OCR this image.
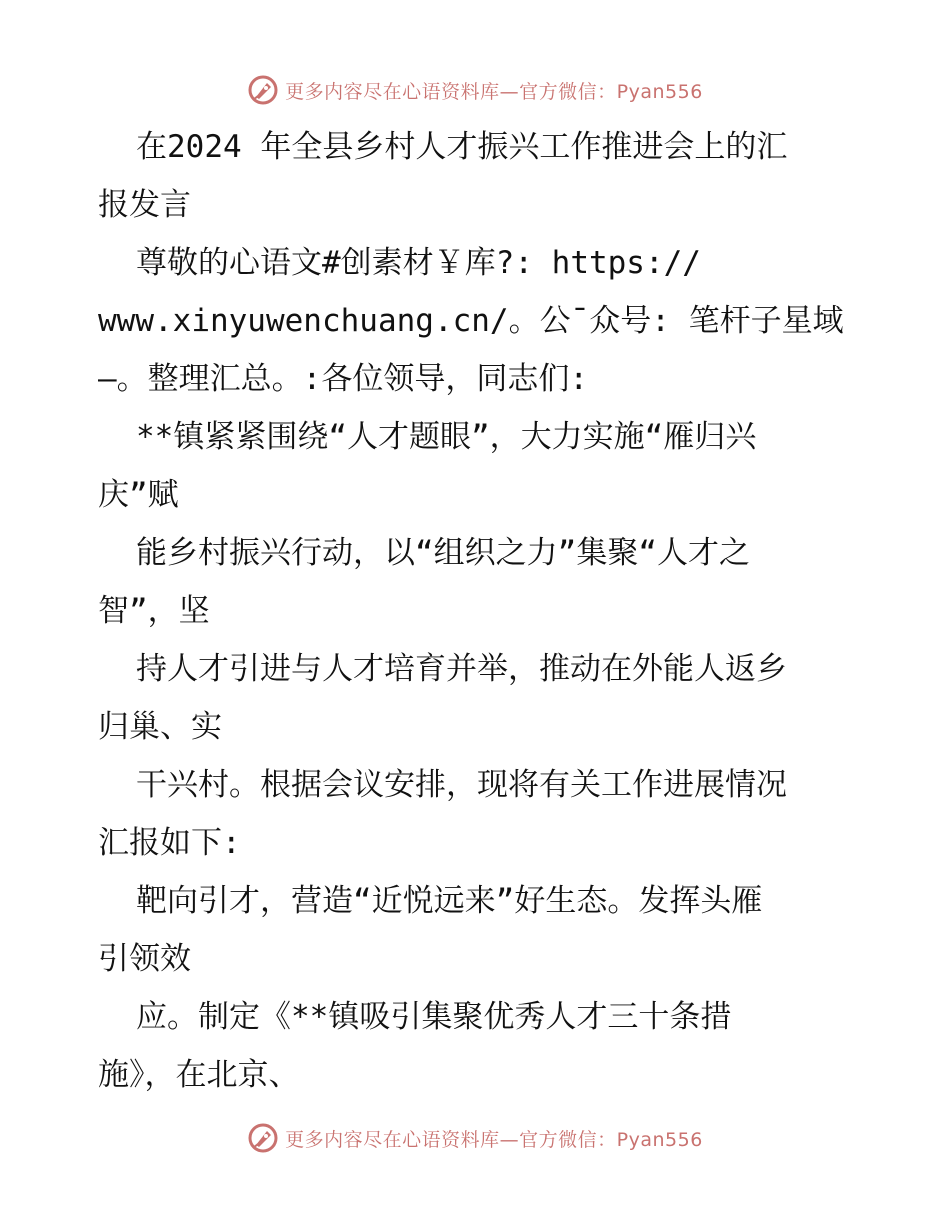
更多内容尽在心语资料库—官方微信：Pyan556
在2024 年全县乡村人才振兴工作推进会上的汇
报发言
尊敬的心语文#创素材￥库?: https://
www.xinyuwenchuang.cn/。公¯众号: 笔杆子星域
—。整理汇总。:各位领导，同志们:
**镇紧紧围绕“人才题眼”，大力实施“雁归兴
庆”赋
能乡村振兴行动，以“组织之力”集聚“人才之
智”，坚
持人才引进与人才培育并举，推动在外能人返乡
归巢、实
干兴村。根据会议安排，现将有关工作进展情况
汇报如下:
靶向引才，营造“近悦远来”好生态。发挥头雁
引领效
应。制定《**镇吸引集聚优秀人才三十条措
施》，在北京、
更多内容尽在心语资料库—官方微信：Pyan556
